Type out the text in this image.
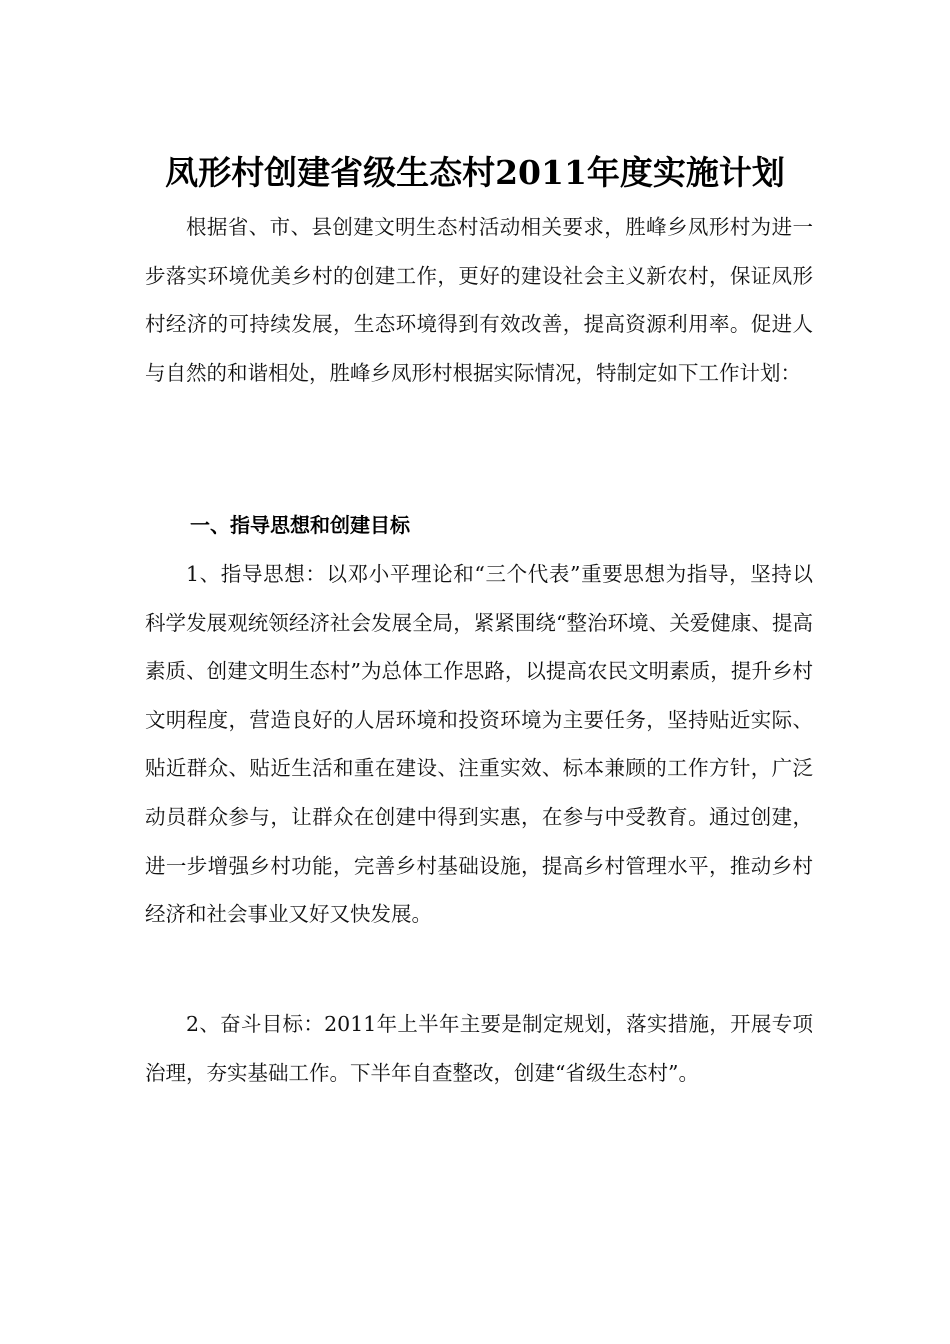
凤形村创建省级生态村2011年度实施计划

根据省、市、县创建文明生态村活动相关要求，胜峰乡凤形村为进一步落实环境优美乡村的创建工作，更好的建设社会主义新农村，保证凤形村经济的可持续发展，生态环境得到有效改善，提高资源利用率。促进人与自然的和谐相处，胜峰乡凤形村根据实际情况，特制定如下工作计划：

一、指导思想和创建目标

1、指导思想：以邓小平理论和“三个代表”重要思想为指导，坚持以科学发展观统领经济社会发展全局，紧紧围绕“整治环境、关爱健康、提高素质、创建文明生态村”为总体工作思路，以提高农民文明素质，提升乡村文明程度，营造良好的人居环境和投资环境为主要任务，坚持贴近实际、贴近群众、贴近生活和重在建设、注重实效、标本兼顾的工作方针，广泛动员群众参与，让群众在创建中得到实惠，在参与中受教育。通过创建，进一步增强乡村功能，完善乡村基础设施，提高乡村管理水平，推动乡村经济和社会事业又好又快发展。

2、奋斗目标：2011年上半年主要是制定规划，落实措施，开展专项治理，夯实基础工作。下半年自查整改，创建“省级生态村”。
